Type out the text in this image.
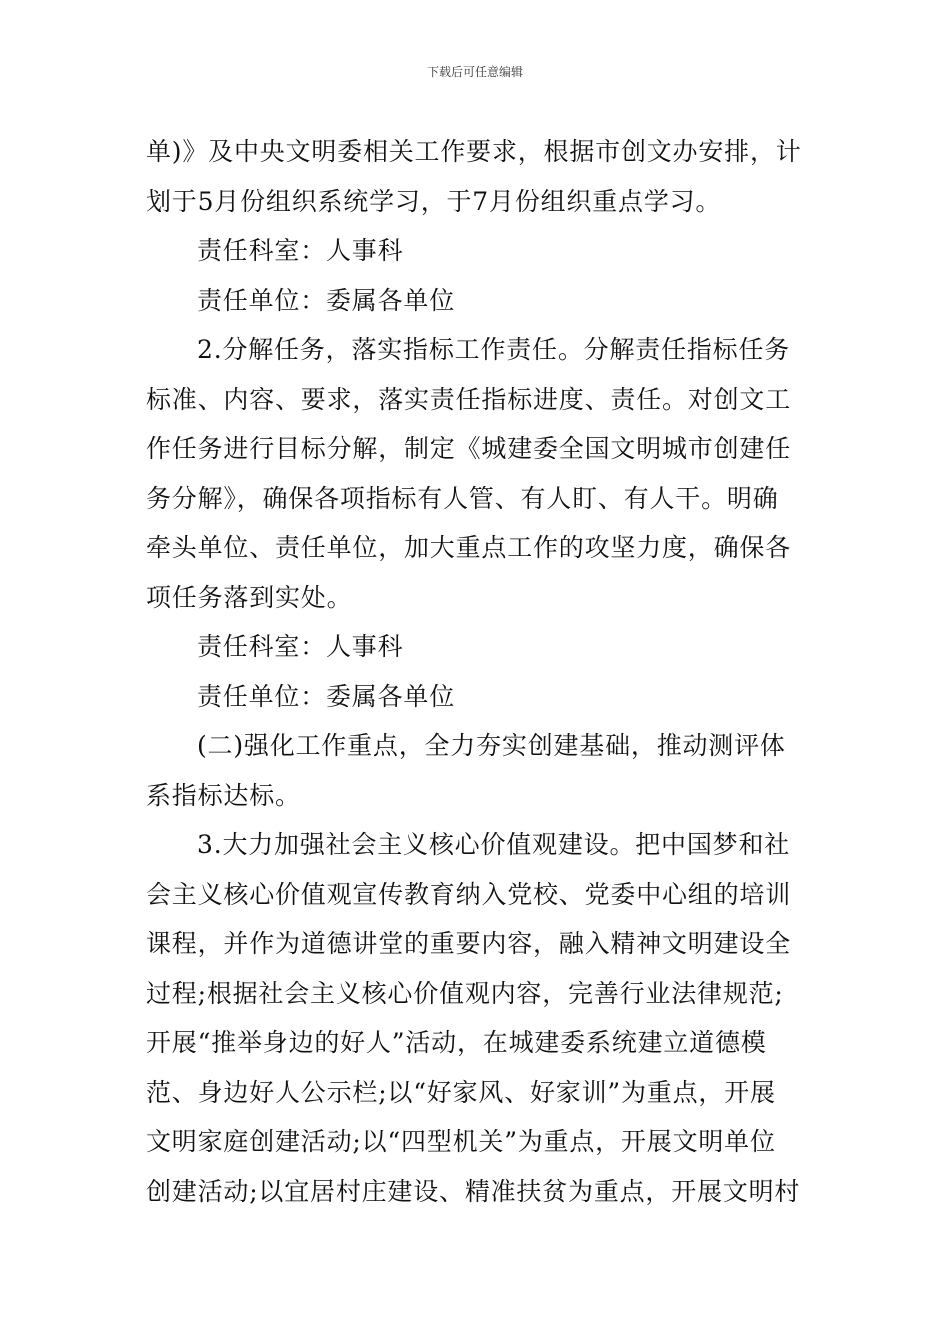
下载后可任意编辑

单)》及中央文明委相关工作要求，根据市创文办安排，计
划于5月份组织系统学习，于7月份组织重点学习。

责任科室：人事科

责任单位：委属各单位

2.分解任务，落实指标工作责任。分解责任指标任务
标准、内容、要求，落实责任指标进度、责任。对创文工
作任务进行目标分解，制定《城建委全国文明城市创建任
务分解》，确保各项指标有人管、有人盯、有人干。明确
牵头单位、责任单位，加大重点工作的攻坚力度，确保各
项任务落到实处。

责任科室：人事科

责任单位：委属各单位

(二)强化工作重点，全力夯实创建基础，推动测评体
系指标达标。

3.大力加强社会主义核心价值观建设。把中国梦和社
会主义核心价值观宣传教育纳入党校、党委中心组的培训
课程，并作为道德讲堂的重要内容，融入精神文明建设全
过程;根据社会主义核心价值观内容，完善行业法律规范;
开展“推举身边的好人”活动，在城建委系统建立道德模
范、身边好人公示栏;以“好家风、好家训”为重点，开展
文明家庭创建活动;以“四型机关”为重点，开展文明单位
创建活动;以宜居村庄建设、精准扶贫为重点，开展文明村
